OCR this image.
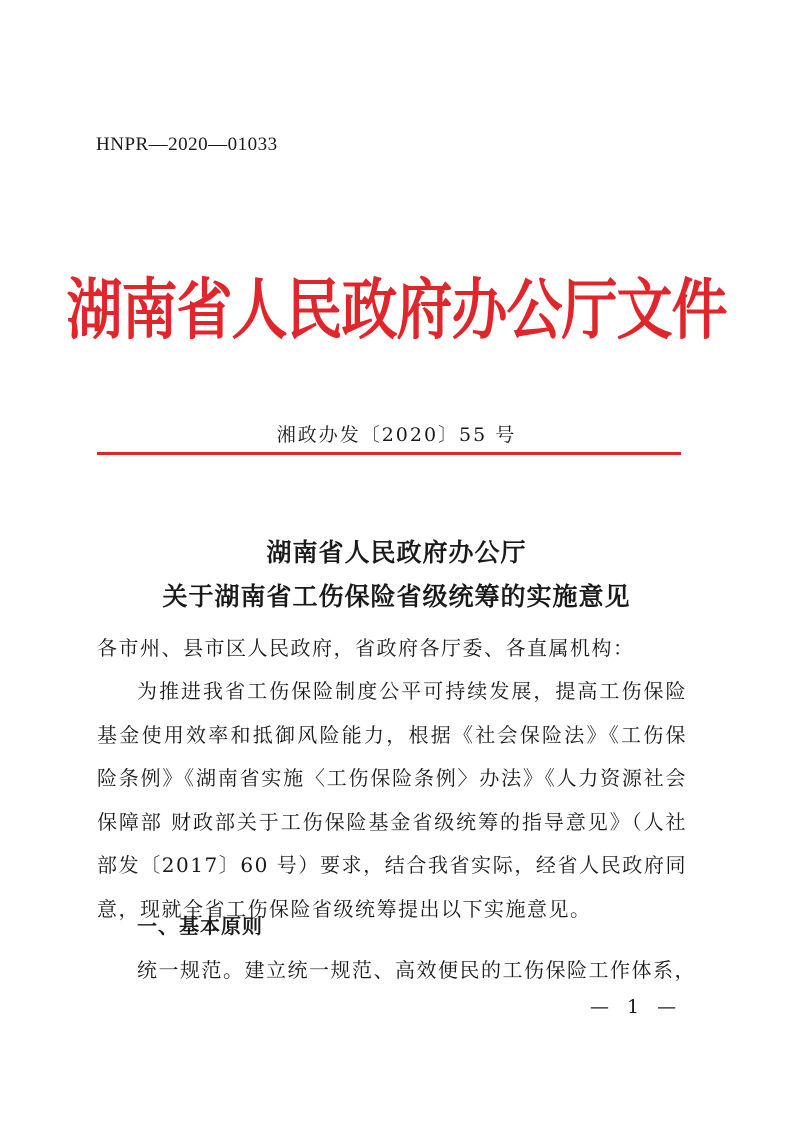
HNPR—2020—01033
湖南省人民政府办公厅文件
湘政办发〔2020〕55 号
湖南省人民政府办公厅
关于湖南省工伤保险省级统筹的实施意见
各市州、县市区人民政府，省政府各厅委、各直属机构：
为推进我省工伤保险制度公平可持续发展，提高工伤保险基金使用效率和抵御风险能力，根据《社会保险法》《工伤保险条例》《湖南省实施〈工伤保险条例〉办法》《人力资源社会保障部 财政部关于工伤保险基金省级统筹的指导意见》（人社部发〔2017〕60 号）要求，结合我省实际，经省人民政府同意，现就全省工伤保险省级统筹提出以下实施意见。
一、基本原则
统一规范。建立统一规范、高效便民的工伤保险工作体系，
— 1 —
